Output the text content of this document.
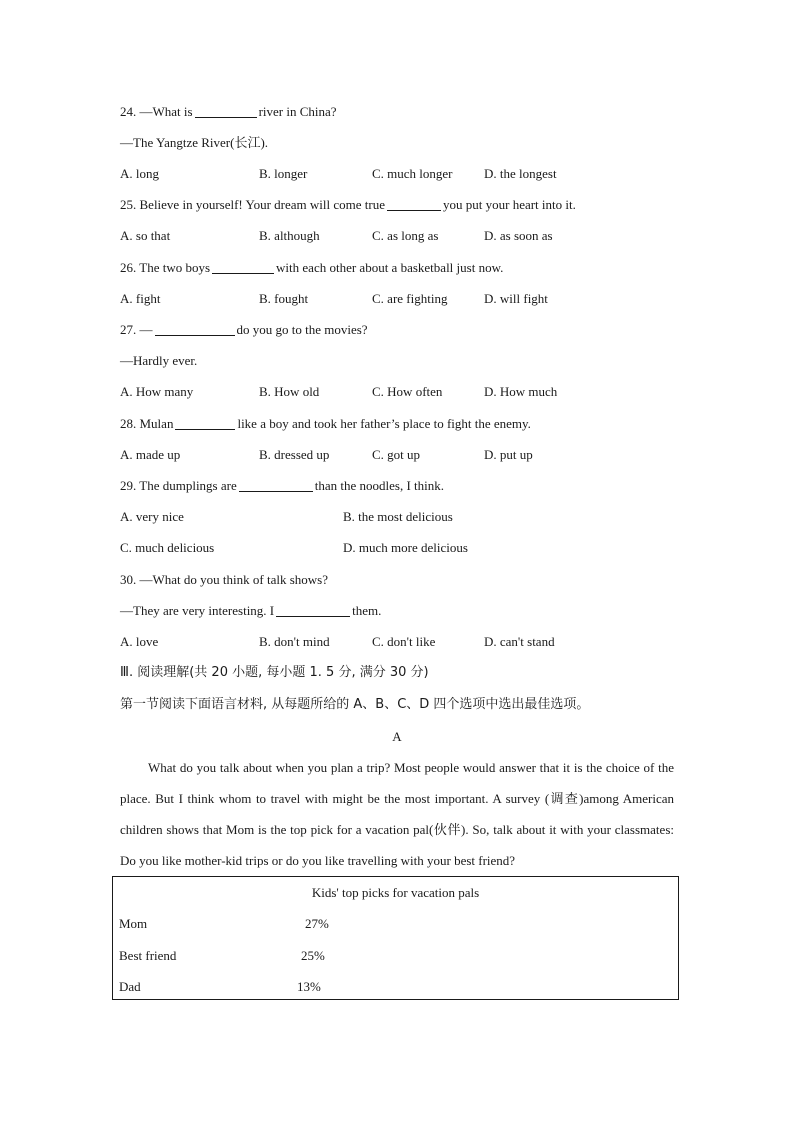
24. —What is	river in China?
—The Yangtze River(长江).
A. long	B. longer	C. much longer D. the longest
25. Believe in yourself! Your dream will come true	you put your heart into it.
A. so that	B. although	C. as long as	D. as soon as
26. The two boys	with each other about a basketball just now.
A. fight	B. fought	C. are fighting	D. will fight
27. —	do you go to the movies?
—Hardly ever.
A. How many	B. How old	C. How often	D. How much
28. Mulan	like a boy and took her father’s place to fight the enemy.
A. made up	B. dressed up	C. got up	D. put up
29. The dumplings are	than the noodles, I think.
A. very nice	B. the most delicious
C. much delicious	D. much more delicious
30. —What do you think of talk shows?
—They are very interesting. I	them.
A. love	B. don't mind	C. don't like	D. can't stand
Ⅲ. 阅读理解(共 20 小题, 每小题 1. 5 分, 满分 30 分)
第一节阅读下面语言材料, 从每题所给的 A、B、C、D 四个选项中选出最佳选项。
A
What do you talk about when you plan a trip? Most people would answer that it is the choice of the place. But I think whom to travel with might be the most important. A survey (调查)among American children shows that Mom is the top pick for a vacation pal(伙伴). So, talk about it with your classmates: Do you like mother-kid trips or do you like travelling with your best friend?
Kids' top picks for vacation pals
Mom	27%
Best friend	25%
Dad	13%
